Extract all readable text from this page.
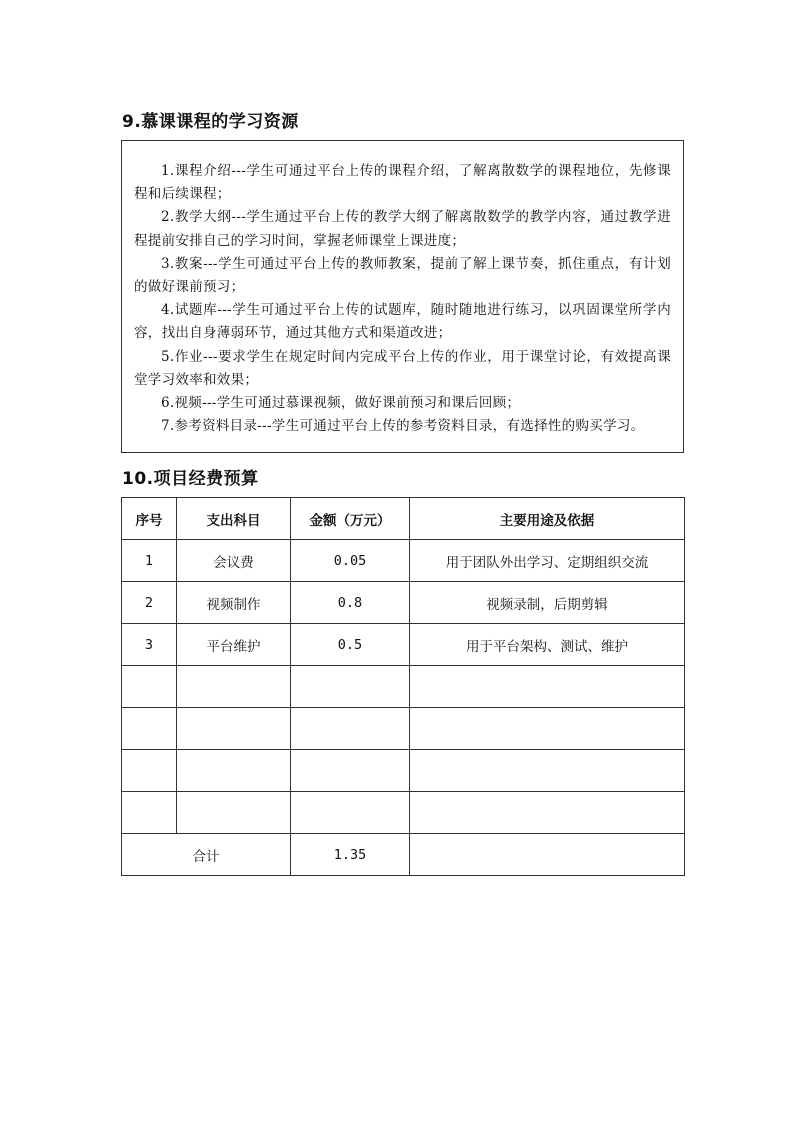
9.慕课课程的学习资源

1.课程介绍---学生可通过平台上传的课程介绍，了解离散数学的课程地位，先修课程和后续课程；

2.教学大纲---学生通过平台上传的教学大纲了解离散数学的教学内容，通过教学进程提前安排自己的学习时间，掌握老师课堂上课进度；

3.教案---学生可通过平台上传的教师教案，提前了解上课节奏，抓住重点，有计划的做好课前预习；

4.试题库---学生可通过平台上传的试题库，随时随地进行练习，以巩固课堂所学内容，找出自身薄弱环节，通过其他方式和渠道改进；

5.作业---要求学生在规定时间内完成平台上传的作业，用于课堂讨论，有效提高课堂学习效率和效果；

6.视频---学生可通过慕课视频，做好课前预习和课后回顾；

7.参考资料目录---学生可通过平台上传的参考资料目录，有选择性的购买学习。

10.项目经费预算
序号	支出科目	金额（万元）	主要用途及依据
1	会议费	0.05	用于团队外出学习、定期组织交流
2	视频制作	0.8	视频录制，后期剪辑
3	平台维护	0.5	用于平台架构、测试、维护

合计		1.35	
